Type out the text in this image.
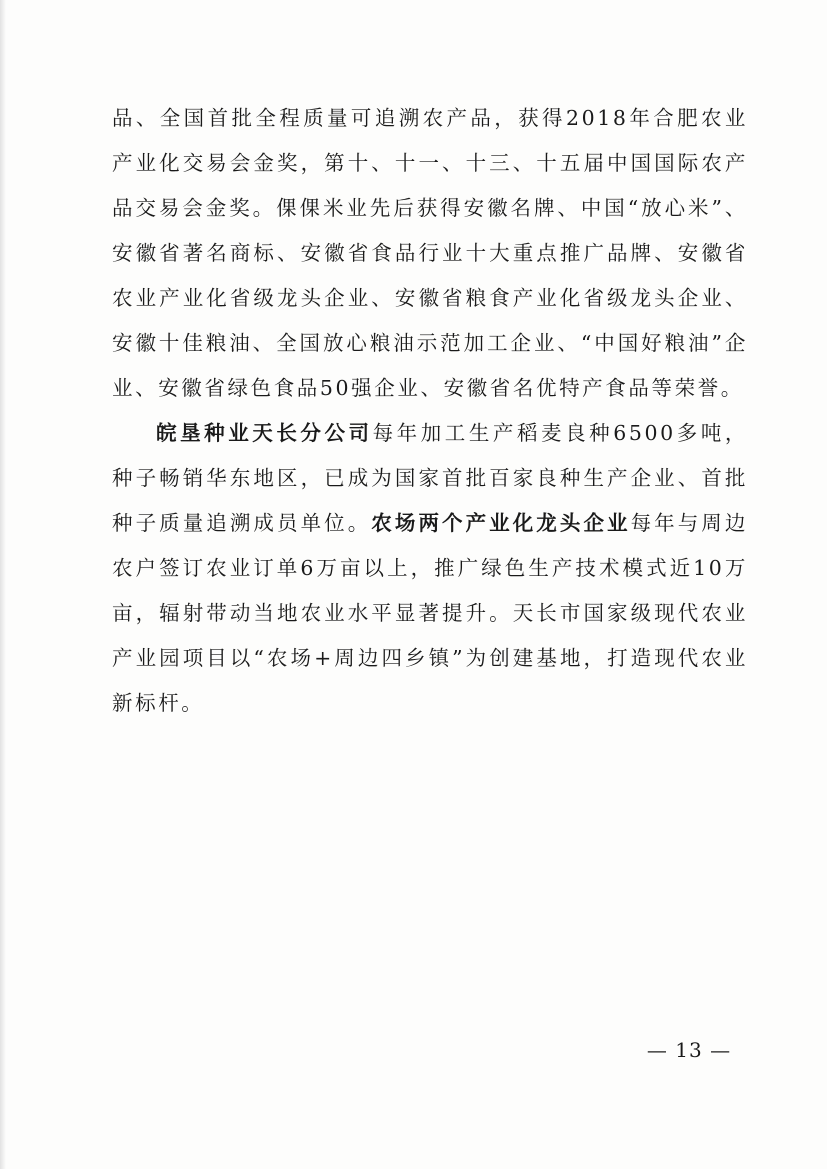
品、全国首批全程质量可追溯农产品，获得2018年合肥农业产业化交易会金奖，第十、十一、十三、十五届中国国际农产品交易会金奖。倮倮米业先后获得安徽名牌、中国“放心米”、安徽省著名商标、安徽省食品行业十大重点推广品牌、安徽省农业产业化省级龙头企业、安徽省粮食产业化省级龙头企业、安徽十佳粮油、全国放心粮油示范加工企业、“中国好粮油”企业、安徽省绿色食品50强企业、安徽省名优特产食品等荣誉。

皖垦种业天长分公司每年加工生产稻麦良种6500多吨，种子畅销华东地区，已成为国家首批百家良种生产企业、首批种子质量追溯成员单位。农场两个产业化龙头企业每年与周边农户签订农业订单6万亩以上，推广绿色生产技术模式近10万亩，辐射带动当地农业水平显著提升。天长市国家级现代农业产业园项目以“农场+周边四乡镇”为创建基地，打造现代农业新标杆。

— 13 —
